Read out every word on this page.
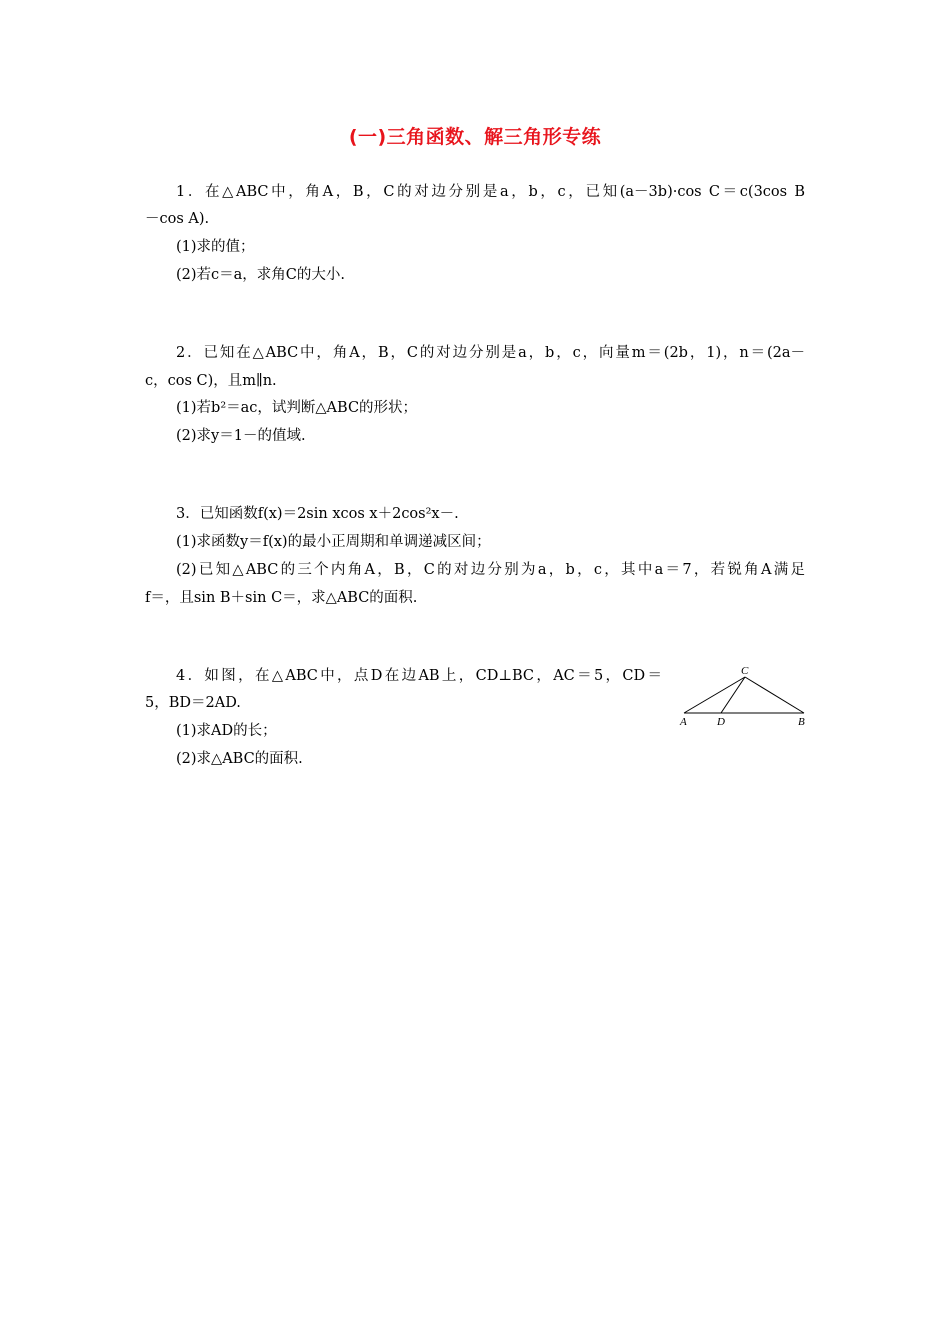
(一)三角函数、解三角形专练
1．在△ABC中，角A，B，C的对边分别是a，b，c，已知(a－3b)·cos C＝c(3cos B
－cos A).
(1)求的值；
(2)若c＝a，求角C的大小.
2．已知在△ABC中，角A，B，C的对边分别是a，b，c，向量m＝(2b，1)，n＝(2a－
c，cos C)，且m∥n.
(1)若b²＝ac，试判断△ABC的形状；
(2)求y＝1－的值域.
3．已知函数f(x)＝2sin xcos x＋2cos²x－.
(1)求函数y＝f(x)的最小正周期和单调递减区间；
(2)已知△ABC的三个内角A，B，C的对边分别为a，b，c，其中a＝7，若锐角A满足
f＝，且sin B＋sin C＝，求△ABC的面积.
4．如图，在△ABC中，点D在边AB上，CD⊥BC，AC＝5，CD＝
5，BD＝2AD.
(1)求AD的长；
(2)求△ABC的面积.
C
A	D	B
